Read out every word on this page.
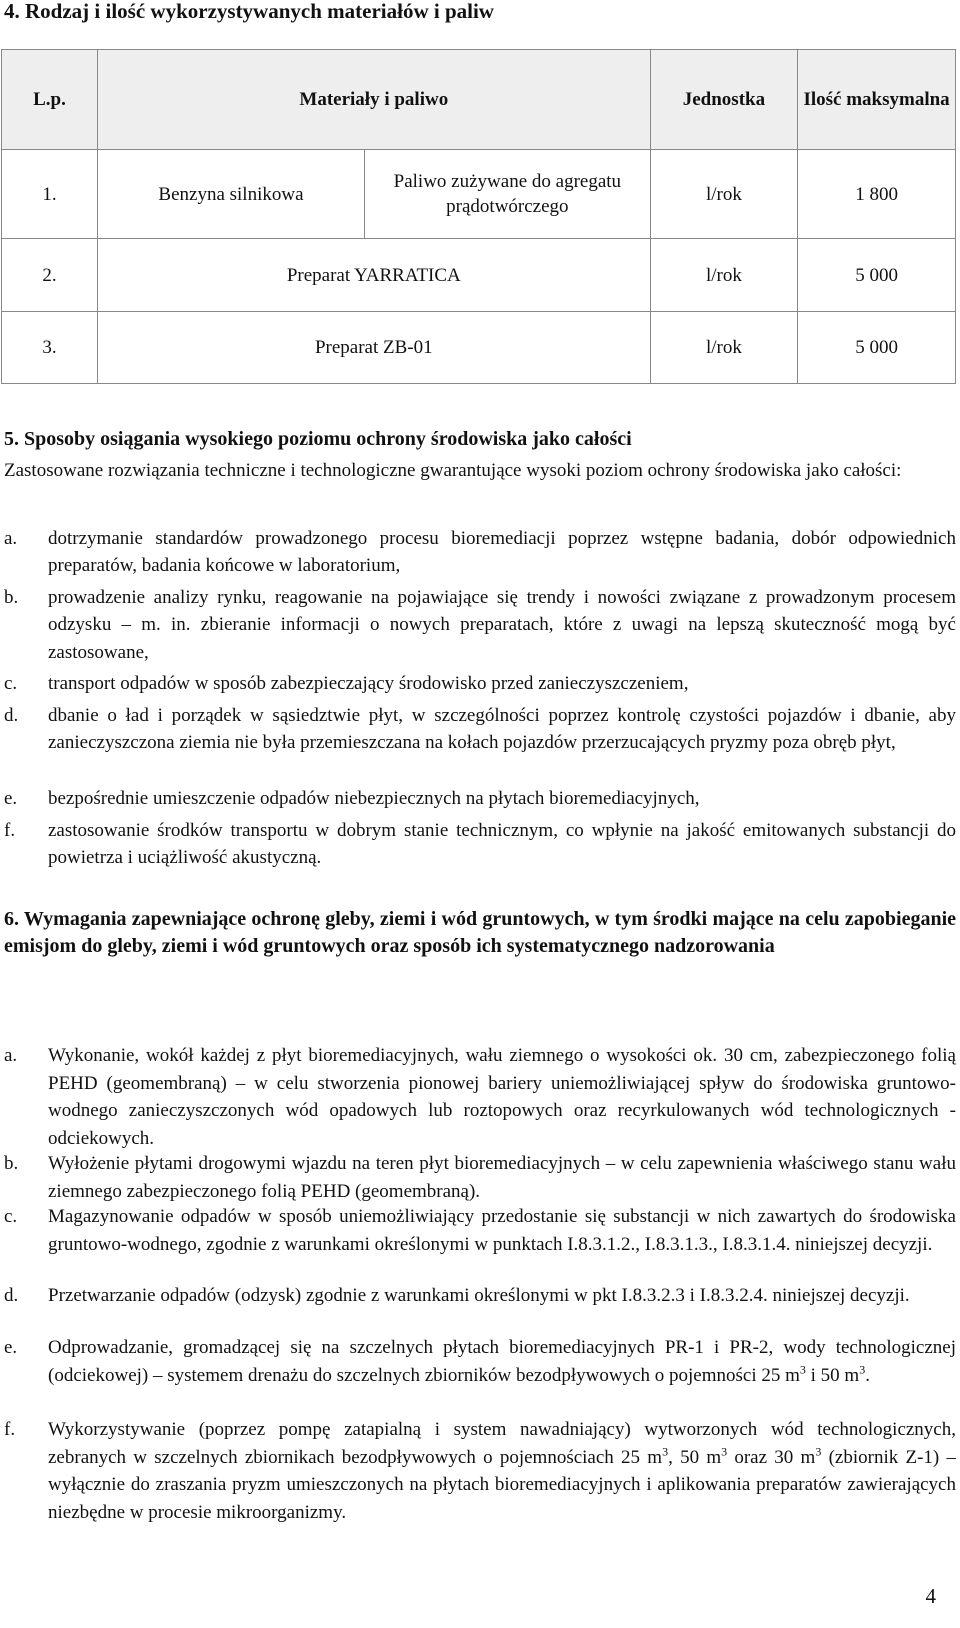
4. Rodzaj i ilość wykorzystywanych materiałów i paliw
L.p.	Materiały i paliwo		Jednostka	Ilość maksymalna
1.	Benzyna silnikowa	Paliwo zużywane do agregatu prądotwórczego	l/rok	1 800
2.	Preparat YARRATICA		l/rok	5 000
3.	Preparat ZB-01		l/rok	5 000
5. Sposoby osiągania wysokiego poziomu ochrony środowiska jako całości
Zastosowane rozwiązania techniczne i technologiczne gwarantujące wysoki poziom ochrony środowiska jako całości:
a.	dotrzymanie standardów prowadzonego procesu bioremediacji poprzez wstępne badania, dobór odpowiednich preparatów, badania końcowe w laboratorium,
b.	prowadzenie analizy rynku, reagowanie na pojawiające się trendy i nowości związane z prowadzonym procesem odzysku – m. in. zbieranie informacji o nowych preparatach, które z uwagi na lepszą skuteczność mogą być zastosowane,
c.	transport odpadów w sposób zabezpieczający środowisko przed zanieczyszczeniem,
d.	dbanie o ład i porządek w sąsiedztwie płyt, w szczególności poprzez kontrolę czystości pojazdów i dbanie, aby zanieczyszczona ziemia nie była przemieszczana na kołach pojazdów przerzucających pryzmy poza obręb płyt,
e.	bezpośrednie umieszczenie odpadów niebezpiecznych na płytach bioremediacyjnych,
f.	zastosowanie środków transportu w dobrym stanie technicznym, co wpłynie na jakość emitowanych substancji do powietrza i uciążliwość akustyczną.
6. Wymagania zapewniające ochronę gleby, ziemi i wód gruntowych, w tym środki mające na celu zapobieganie emisjom do gleby, ziemi i wód gruntowych oraz sposób ich systematycznego nadzorowania
a.	Wykonanie, wokół każdej z płyt bioremediacyjnych, wału ziemnego o wysokości ok. 30 cm, zabezpieczonego folią PEHD (geomembraną) – w celu stworzenia pionowej bariery uniemożliwiającej spływ do środowiska gruntowo-wodnego zanieczyszczonych wód opadowych lub roztopowych oraz recyrkulowanych wód technologicznych - odciekowych.
b.	Wyłożenie płytami drogowymi wjazdu na teren płyt bioremediacyjnych – w celu zapewnienia właściwego stanu wału ziemnego zabezpieczonego folią PEHD (geomembraną).
c.	Magazynowanie odpadów w sposób uniemożliwiający przedostanie się substancji w nich zawartych do środowiska gruntowo-wodnego, zgodnie z warunkami określonymi w punktach I.8.3.1.2., I.8.3.1.3., I.8.3.1.4. niniejszej decyzji.
d.	Przetwarzanie odpadów (odzysk) zgodnie z warunkami określonymi w pkt I.8.3.2.3 i I.8.3.2.4. niniejszej decyzji.
e.	Odprowadzanie, gromadzącej się na szczelnych płytach bioremediacyjnych PR-1 i PR-2, wody technologicznej (odciekowej) – systemem drenażu do szczelnych zbiorników bezodpływowych o pojemności 25 $m^3$ i 50 $m^3$.
f.	Wykorzystywanie (poprzez pompę zatapialną i system nawadniający) wytworzonych wód technologicznych, zebranych w szczelnych zbiornikach bezodpływowych o pojemnościach 25 $m^3$, 50 $m^3$ oraz 30 $m^3$ (zbiornik Z-1) – wyłącznie do zraszania pryzm umieszczonych na płytach bioremediacyjnych i aplikowania preparatów zawierających niezbędne w procesie mikroorganizmy.
4
